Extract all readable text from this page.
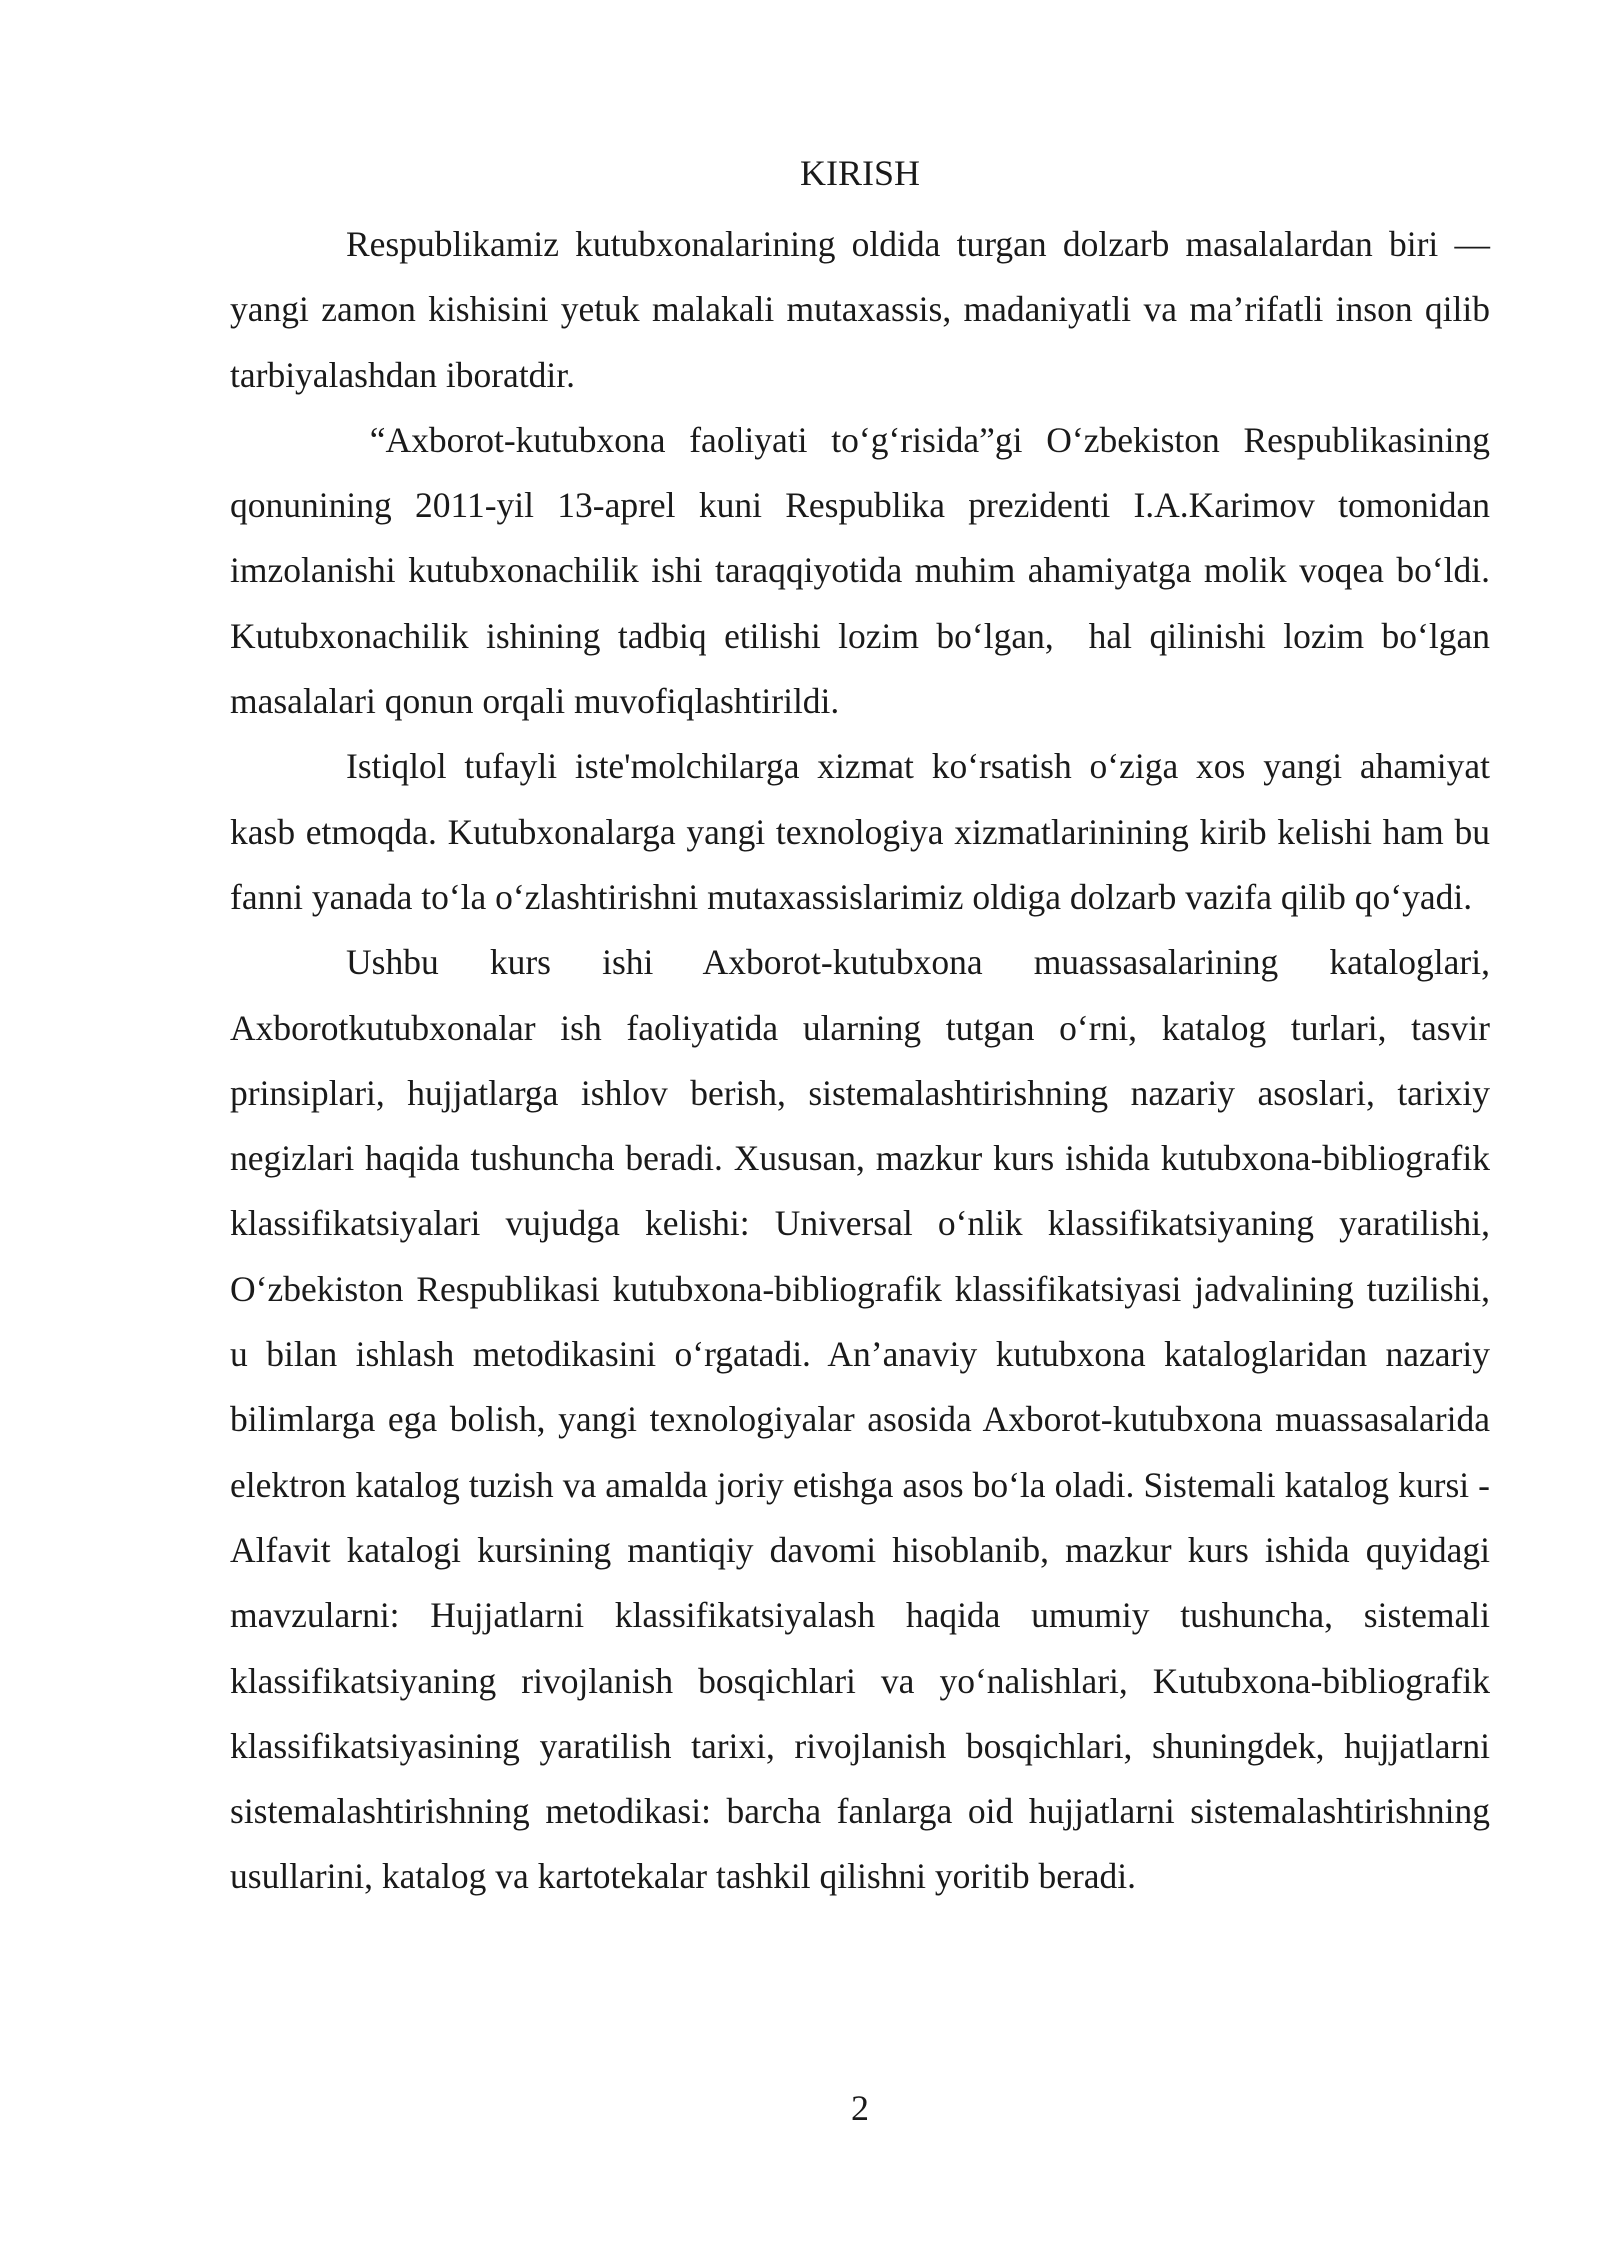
KIRISH

Respublikamiz kutubxonalarining oldida turgan dolzarb masalalardan biri — yangi zamon kishisini yetuk malakali mutaxassis, madaniyatli va ma’rifatli inson qilib tarbiyalashdan iboratdir.

“Axborot-kutubxona faoliyati to‘g‘risida”gi O‘zbekiston Respublikasining qonunining 2011-yil 13-aprel kuni Respublika prezidenti I.A.Karimov tomonidan imzolanishi kutubxonachilik ishi taraqqiyotida muhim ahamiyatga molik voqea bo‘ldi. Kutubxonachilik ishining tadbiq etilishi lozim bo‘lgan,  hal qilinishi lozim bo‘lgan masalalari qonun orqali muvofiqlashtirildi.

Istiqlol tufayli iste'molchilarga xizmat ko‘rsatish o‘ziga xos yangi ahamiyat kasb etmoqda. Kutubxonalarga yangi texnologiya xizmatlarinining kirib kelishi ham bu fanni yanada to‘la o‘zlashtirishni mutaxassislarimiz oldiga dolzarb vazifa qilib qo‘yadi.

Ushbu kurs ishi Axborot-kutubxona muassasalarining kataloglari, Axborotkutubxonalar ish faoliyatida ularning tutgan o‘rni, katalog turlari, tasvir prinsiplari, hujjatlarga ishlov berish, sistemalashtirishning nazariy asoslari, tarixiy negizlari haqida tushuncha beradi. Xususan, mazkur kurs ishida kutubxona-bibliografik klassifikatsiyalari vujudga kelishi: Universal o‘nlik klassifikatsiyaning yaratilishi, O‘zbekiston Respublikasi kutubxona-bibliografik klassifikatsiyasi jadvalining tuzilishi, u bilan ishlash metodikasini o‘rgatadi. An’anaviy kutubxona kataloglaridan nazariy bilimlarga ega bolish, yangi texnologiyalar asosida Axborot-kutubxona muassasalarida elektron katalog tuzish va amalda joriy etishga asos bo‘la oladi. Sistemali katalog kursi - Alfavit katalogi kursining mantiqiy davomi hisoblanib, mazkur kurs ishida quyidagi mavzularni: Hujjatlarni klassifikatsiyalash haqida umumiy tushuncha, sistemali klassifikatsiyaning rivojlanish bosqichlari va yo‘nalishlari, Kutubxona-bibliografik klassifikatsiyasining yaratilish tarixi, rivojlanish bosqichlari, shuningdek, hujjatlarni sistemalashtirishning metodikasi: barcha fanlarga oid hujjatlarni sistemalashtirishning usullarini, katalog va kartotekalar tashkil qilishni yoritib beradi.

2
